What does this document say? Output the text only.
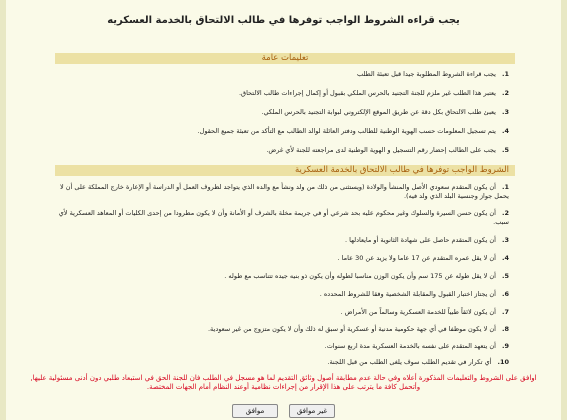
يجب قراءه الشروط الواجب توفرها في طالب الالتحاق بالخدمة العسكريه
تعليمات عامة
1.يجب قراءة الشروط المطلوبة جيدا قبل تعبئة الطلب
2.يعتبر هذا الطلب غير ملزم للجنة التجنيد بالحرس الملكي بقبول أو إكمال إجراءات طالب الالتحاق.
3.يعبئ طلب الالتحاق بكل دقة عن طريق الموقع الإلكتروني لبوابة التجنيد بالحرس الملكي.
4.يتم تسجيل المعلومات حسب الهوية الوطنية للطالب ودفتر العائلة لوالد الطالب مع التأكد من تعبئة جميع الحقول.
5.يجب على الطالب إحضار رقم التسجيل و الهوية الوطنية لدى مراجعته للجنة لأي غرض.
الشروط الواجب توفرها في طالب الالتحاق بالخدمة العسكرية
1.أن يكون المتقدم سعودي الأصل والمنشأ والولادة (ويستثنى من ذلك من ولد ونشأ مع والده الذي يتواجد لظروف العمل أو الدراسة أو الإعارة خارج المملكة على أن لا يحمل جواز وجنسية البلد الذي ولد فيه).
2.أن يكون حسن السيرة والسلوك وغير محكوم عليه بحد شرعي أو في جريمة مخلة بالشرف أو الأمانة وأن لا يكون مطرودا من إحدى الكليات أو المعاهد العسكرية لأي سبب.
3.أن يكون المتقدم حاصل على شهادة الثانوية أو مايعادلها .
4.أن لا يقل عمره المتقدم عن 17 عاما ولا يزيد عن 30 عاما .
5.أن لا يقل طوله عن 175 سم وأن يكون الوزن مناسبا لطوله وأن يكون ذو بنيه جيده تتناسب مع طوله .
6.أن يجتاز اختبار القبول والمقابلة الشخصية وفقا للشروط المحدده .
7.أن يكون لائقاً طبياً للخدمة العسكرية وسالماً من الأمراض .
8.أن لا يكون موظفا في أي جهة حكومية مدنية أو عسكرية أو سبق له ذلك وأن لا يكون متزوج من غير سعودية.
9.أن يتعهد المتقدم على نفسه بالخدمة العسكرية مدة اربع سنوات.
10.أي تكرار في تقديم الطلب سوف يلغى الطلب من قبل اللجنة.
اوافق على الشروط والتعليمات المذكورة أعلاه وفي حالة عدم مطابقة أصول وثائق التقديم لما هو مسجل في الطلب فان للجنة الحق في استبعاد طلبي دون أدنى مسئولية عليها, وأتحمل كافة ما يترتب على هذا الإقرار من إجراءات نظامية أوعند النظام أمام الجهات المختصة.
موافق	غير موافق
